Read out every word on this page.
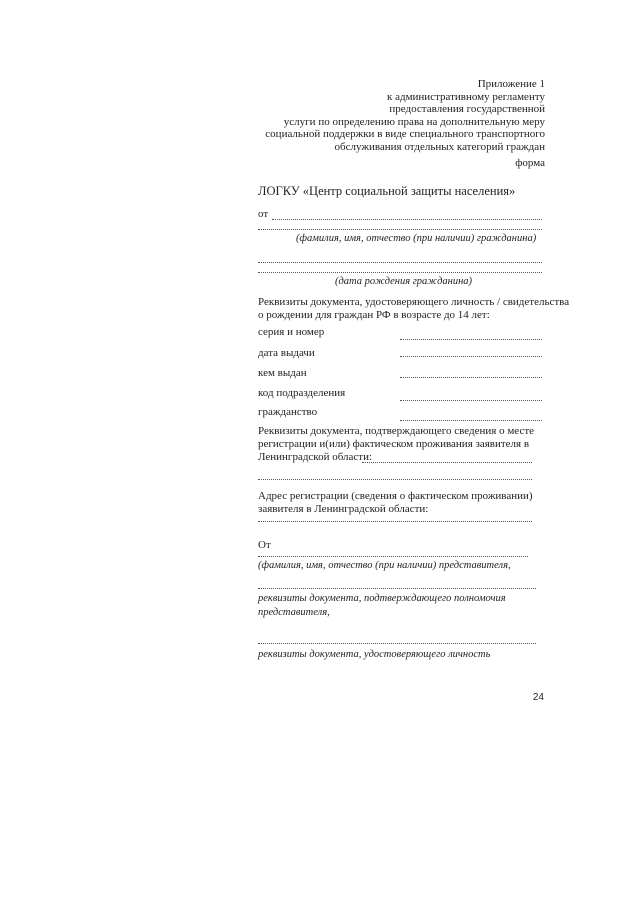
Приложение 1
к административному регламенту
предоставления государственной
услуги по определению права на дополнительную меру
социальной поддержки в виде специального транспортного
обслуживания отдельных категорий граждан
форма
ЛОГКУ «Центр социальной защиты населения»
от
(фамилия, имя, отчество (при наличии) гражданина)
(дата рождения гражданина)
Реквизиты документа, удостоверяющего личность / свидетельства
о рождении для граждан РФ в возрасте до 14 лет:
серия и номер
дата выдачи
кем выдан
код подразделения
гражданство
Реквизиты документа, подтверждающего сведения о месте
регистрации и(или) фактическом проживания заявителя в
Ленинградской области:
Адрес регистрации (сведения о фактическом проживании)
заявителя в Ленинградской области:
От
(фамилия, имя, отчество (при наличии) представителя,
реквизиты документа, подтверждающего полномочия
представителя,
реквизиты документа, удостоверяющего личность
24
